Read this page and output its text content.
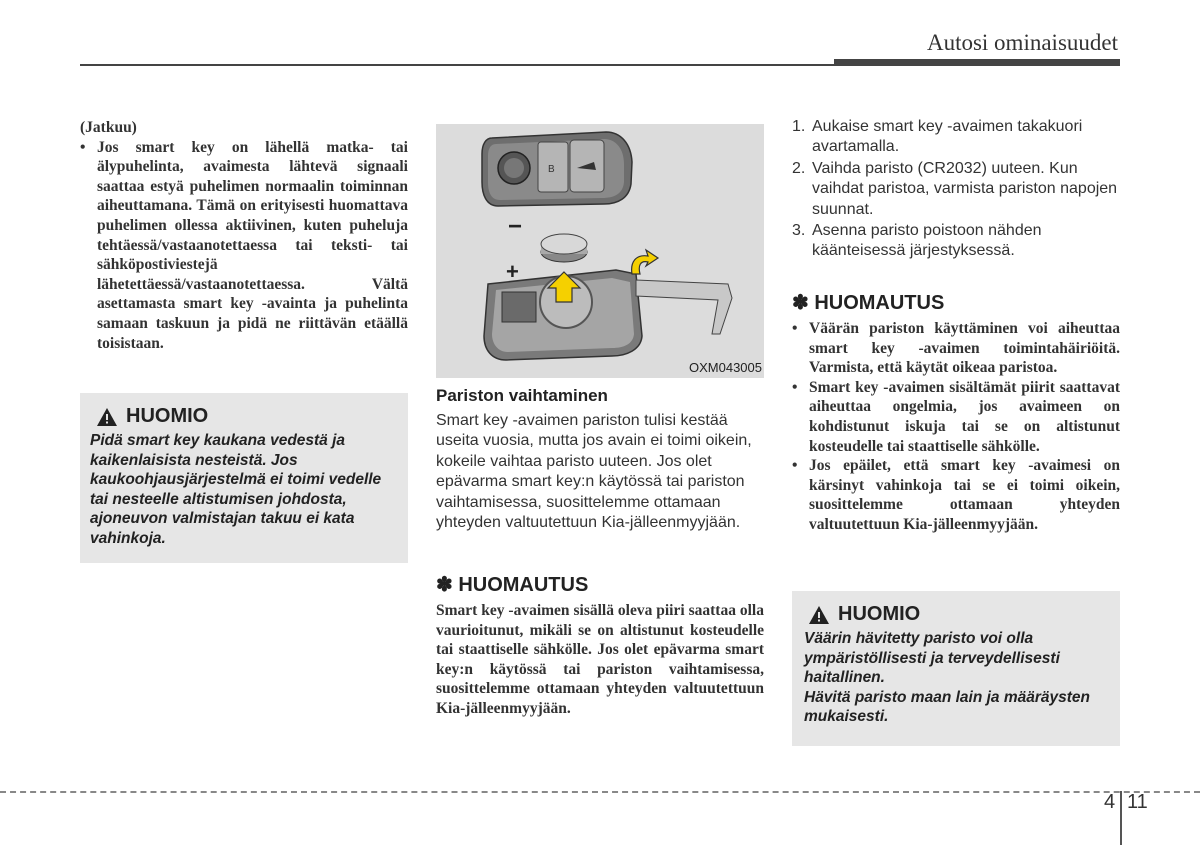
Autosi ominaisuudet
(Jatkuu)
• Jos smart key on lähellä matka- tai älypuhelinta, avaimesta lähtevä signaali saattaa estyä puhelimen normaalin toiminnan aiheuttamana. Tämä on erityisesti huomattava puhelimen ollessa aktiivinen, kuten puheluja tehtäessä/vastaanotettaessa tai teksti- tai sähköpostiviestejä lähetettäessä/vastaanotettaessa. Vältä asettamasta smart key -avainta ja puhelinta samaan taskuun ja pidä ne riittävän etäällä toisistaan.
HUOMIO
Pidä smart key kaukana vedestä ja kaikenlaisista nesteistä. Jos kaukoohjausjärjestelmä ei toimi vedelle tai nesteelle altistumisen johdosta, ajoneuvon valmistajan takuu ei kata vahinkoja.
B
−
+
OXM043005
Pariston vaihtaminen
Smart key -avaimen pariston tulisi kestää useita vuosia, mutta jos avain ei toimi oikein, kokeile vaihtaa paristo uuteen. Jos olet epävarma smart key:n käytössä tai pariston vaihtamisessa, suosittelemme ottamaan yhteyden valtuutettuun Kia-jälleenmyyjään.
✽ HUOMAUTUS
Smart key -avaimen sisällä oleva piiri saattaa olla vaurioitunut, mikäli se on altistunut kosteudelle tai staattiselle sähkölle. Jos olet epävarma smart key:n käytössä tai pariston vaihtamisessa, suosittelemme ottamaan yhteyden valtuutettuun Kia-jälleenmyyjään.
1. Aukaise smart key -avaimen takakuori avartamalla.
2. Vaihda paristo (CR2032) uuteen. Kun vaihdat paristoa, varmista pariston napojen suunnat.
3. Asenna paristo poistoon nähden käänteisessä järjestyksessä.
✽ HUOMAUTUS
• Väärän pariston käyttäminen voi aiheuttaa smart key -avaimen toimintahäiriöitä. Varmista, että käytät oikeaa paristoa.
• Smart key -avaimen sisältämät piirit saattavat aiheuttaa ongelmia, jos avaimeen on kohdistunut iskuja tai se on altistunut kosteudelle tai staattiselle sähkölle.
• Jos epäilet, että smart key -avaimesi on kärsinyt vahinkoja tai se ei toimi oikein, suosittelemme ottamaan yhteyden valtuutettuun Kia-jälleenmyyjään.
HUOMIO
Väärin hävitetty paristo voi olla ympäristöllisesti ja terveydellisesti haitallinen.
Hävitä paristo maan lain ja määräysten mukaisesti.
4 11
